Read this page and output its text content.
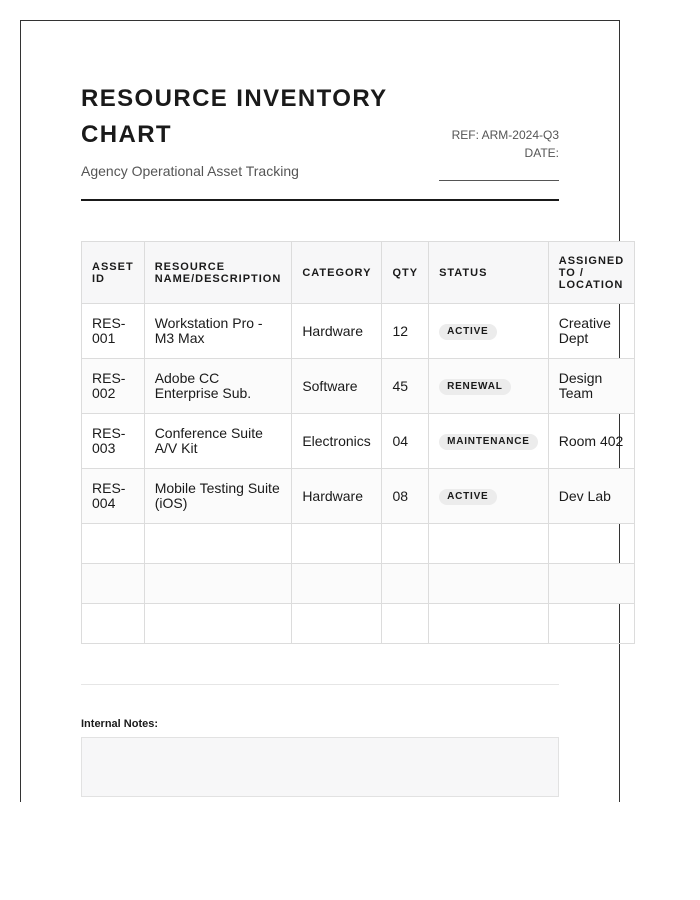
RESOURCE INVENTORY CHART
Agency Operational Asset Tracking
REF: ARM-2024-Q3
DATE:
ASSET ID	RESOURCE NAME/DESCRIPTION	CATEGORY	QTY	STATUS	ASSIGNED TO / LOCATION
RES-001	Workstation Pro - M3 Max	Hardware	12	ACTIVE	Creative Dept
RES-002	Adobe CC Enterprise Sub.	Software	45	RENEWAL	Design Team
RES-003	Conference Suite A/V Kit	Electronics	04	MAINTENANCE	Room 402
RES-004	Mobile Testing Suite (iOS)	Hardware	08	ACTIVE	Dev Lab

Internal Notes:
